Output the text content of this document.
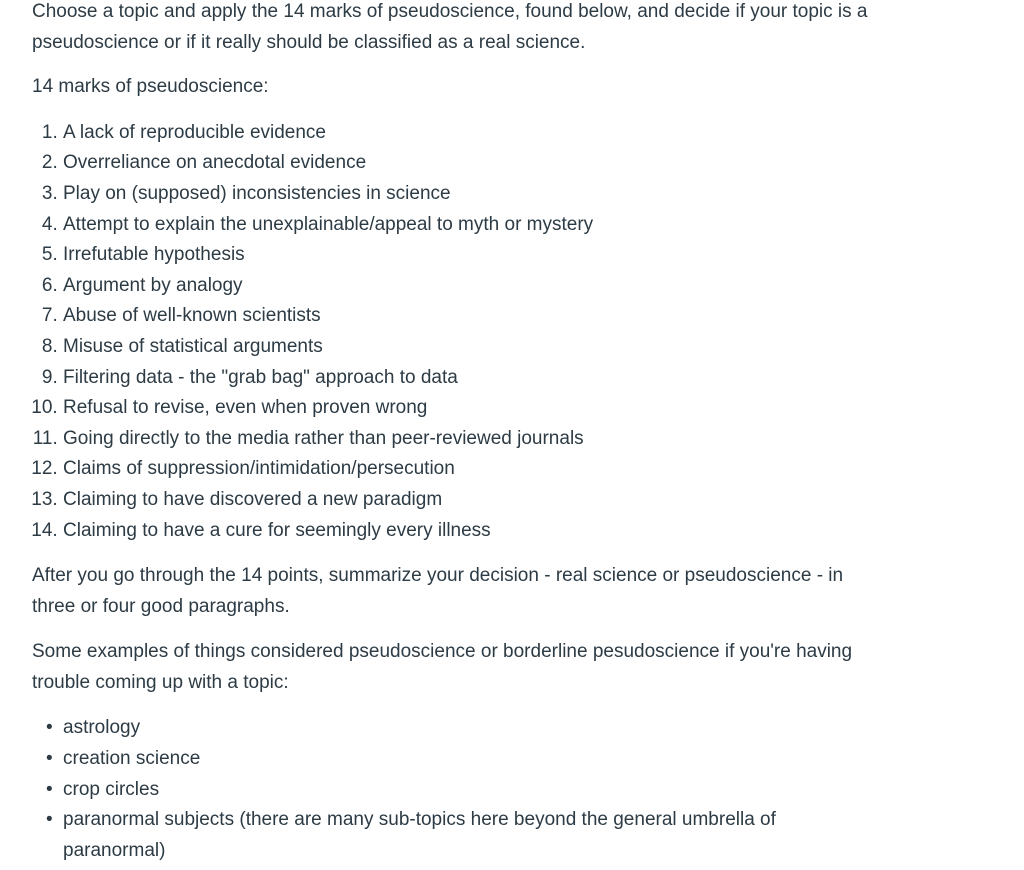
Choose a topic and apply the 14 marks of pseudoscience, found below, and decide if your topic is a pseudoscience or if it really should be classified as a real science.

14 marks of pseudoscience:

1. A lack of reproducible evidence
2. Overreliance on anecdotal evidence
3. Play on (supposed) inconsistencies in science
4. Attempt to explain the unexplainable/appeal to myth or mystery
5. Irrefutable hypothesis
6. Argument by analogy
7. Abuse of well-known scientists
8. Misuse of statistical arguments
9. Filtering data - the "grab bag" approach to data
10. Refusal to revise, even when proven wrong
11. Going directly to the media rather than peer-reviewed journals
12. Claims of suppression/intimidation/persecution
13. Claiming to have discovered a new paradigm
14. Claiming to have a cure for seemingly every illness

After you go through the 14 points, summarize your decision - real science or pseudoscience - in three or four good paragraphs.

Some examples of things considered pseudoscience or borderline pesudoscience if you're having trouble coming up with a topic:

• astrology
• creation science
• crop circles
• paranormal subjects (there are many sub-topics here beyond the general umbrella of paranormal)
